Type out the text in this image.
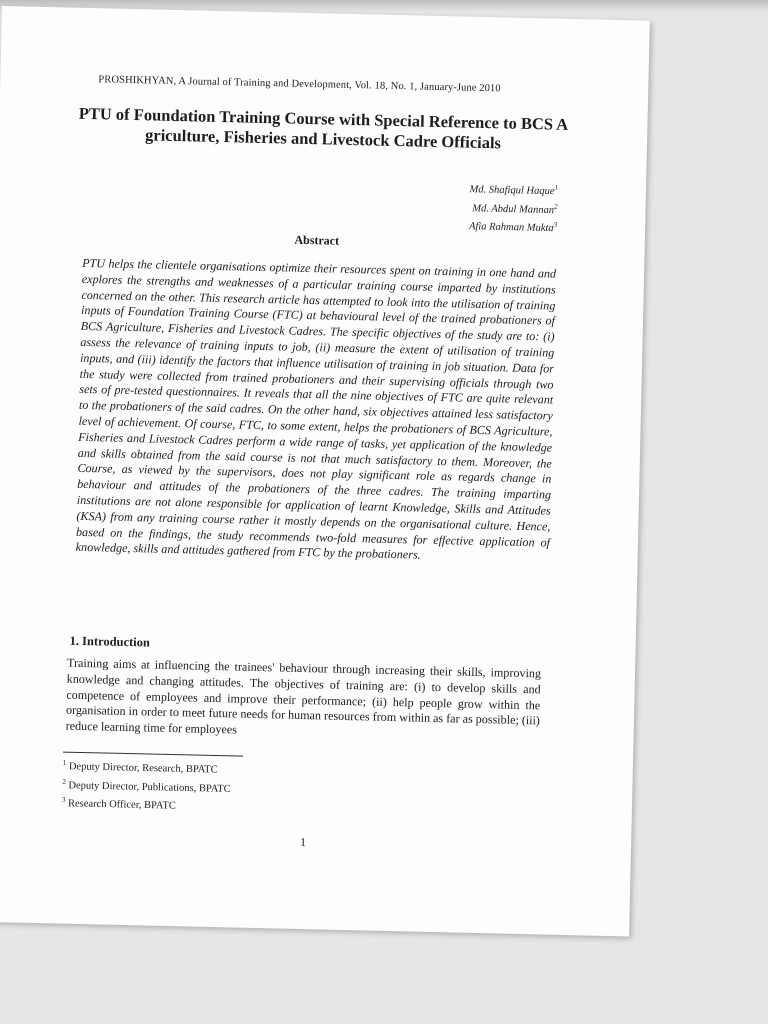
PROSHIKHYAN, A Journal of Training and Development, Vol. 18, No. 1, January-June 2010
PTU of Foundation Training Course with Special Reference to BCS A griculture, Fisheries and Livestock Cadre Officials
Md. Shafiqul Haque$^1$
Md. Abdul Mannan$^2$
Afia Rahman Mukta$^3$
Abstract
PTU helps the clientele organisations optimize their resources spent on training in one hand and explores the strengths and weaknesses of a particular training course imparted by institutions concerned on the other. This research article has attempted to look into the utilisation of training inputs of Foundation Training Course (FTC) at behavioural level of the trained probationers of BCS Agriculture, Fisheries and Livestock Cadres. The specific objectives of the study are to: (i) assess the relevance of training inputs to job, (ii) measure the extent of utilisation of training inputs, and (iii) identify the factors that influence utilisation of training in job situation. Data for the study were collected from trained probationers and their supervising officials through two sets of pre-tested questionnaires. It reveals that all the nine objectives of FTC are quite relevant to the probationers of the said cadres. On the other hand, six objectives attained less satisfactory level of achievement. Of course, FTC, to some extent, helps the probationers of BCS Agriculture, Fisheries and Livestock Cadres perform a wide range of tasks, yet application of the knowledge and skills obtained from the said course is not that much satisfactory to them. Moreover, the Course, as viewed by the supervisors, does not play significant role as regards change in behaviour and attitudes of the probationers of the three cadres. The training imparting institutions are not alone responsible for application of learnt Knowledge, Skills and Attitudes (KSA) from any training course rather it mostly depends on the organisational culture. Hence, based on the findings, the study recommends two-fold measures for effective application of knowledge, skills and attitudes gathered from FTC by the probationers.
1. Introduction
Training aims at influencing the trainees' behaviour through increasing their skills, improving knowledge and changing attitudes. The objectives of training are: (i) to develop skills and competence of employees and improve their performance; (ii) help people grow within the organisation in order to meet future needs for human resources from within as far as possible; (iii) reduce learning time for employees
$^1$ Deputy Director, Research, BPATC
$^2$ Deputy Director, Publications, BPATC
$^3$ Research Officer, BPATC
1
